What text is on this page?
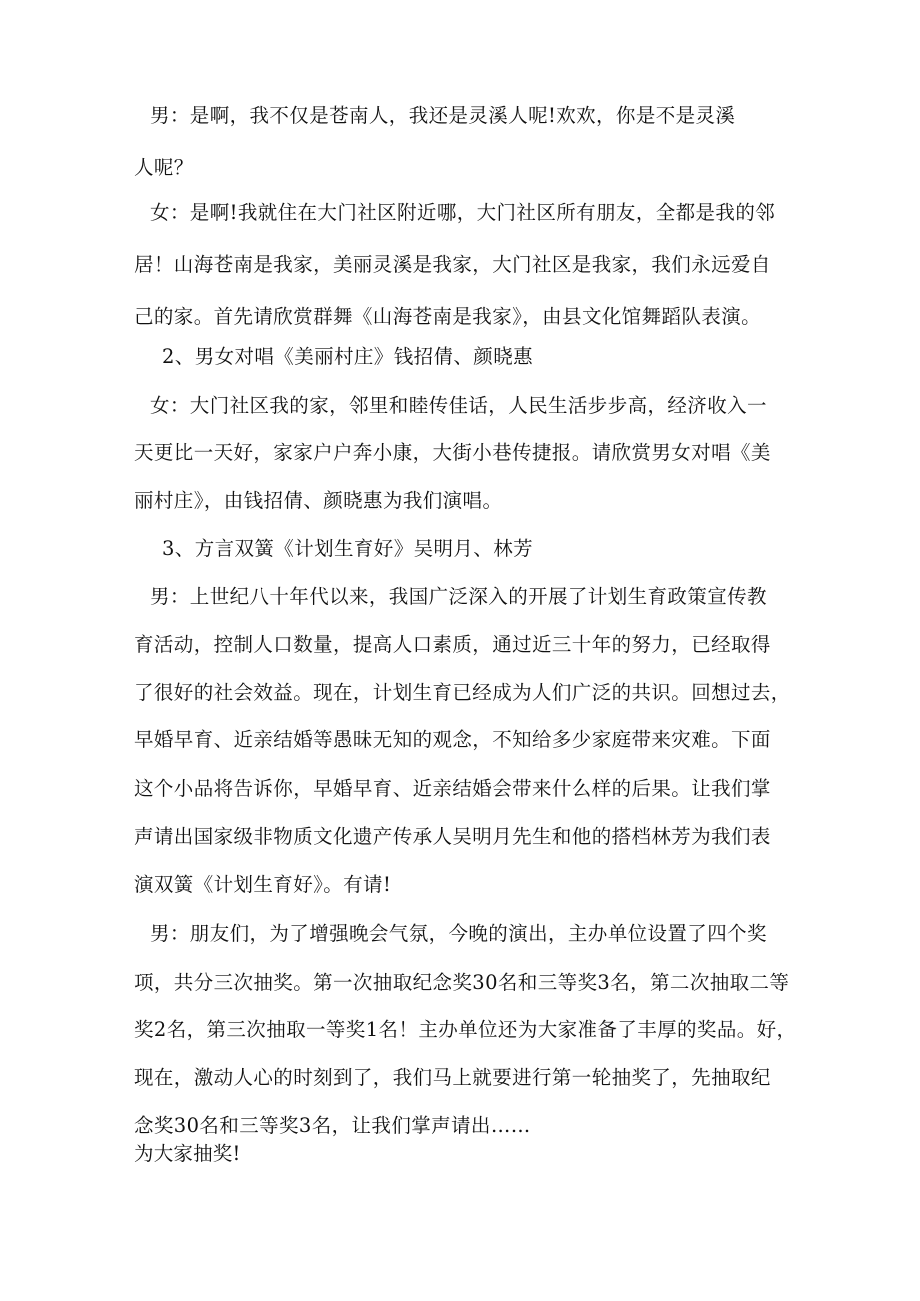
男：是啊，我不仅是苍南人，我还是灵溪人呢!欢欢，你是不是灵溪
人呢？
女：是啊!我就住在大门社区附近哪，大门社区所有朋友，全都是我的邻
居！山海苍南是我家，美丽灵溪是我家，大门社区是我家，我们永远爱自
己的家。首先请欣赏群舞《山海苍南是我家》，由县文化馆舞蹈队表演。
2、男女对唱《美丽村庄》钱招倩、颜晓惠
女：大门社区我的家，邻里和睦传佳话，人民生活步步高，经济收入一
天更比一天好，家家户户奔小康，大街小巷传捷报。请欣赏男女对唱《美
丽村庄》，由钱招倩、颜晓惠为我们演唱。
3、方言双簧《计划生育好》吴明月、林芳
男：上世纪八十年代以来，我国广泛深入的开展了计划生育政策宣传教
育活动，控制人口数量，提高人口素质，通过近三十年的努力，已经取得
了很好的社会效益。现在，计划生育已经成为人们广泛的共识。回想过去，
早婚早育、近亲结婚等愚昧无知的观念，不知给多少家庭带来灾难。下面
这个小品将告诉你，早婚早育、近亲结婚会带来什么样的后果。让我们掌
声请出国家级非物质文化遗产传承人吴明月先生和他的搭档林芳为我们表
演双簧《计划生育好》。有请!
男：朋友们，为了增强晚会气氛，今晚的演出，主办单位设置了四个奖
项，共分三次抽奖。第一次抽取纪念奖30名和三等奖3名，第二次抽取二等
奖2名，第三次抽取一等奖1名！主办单位还为大家准备了丰厚的奖品。好，
现在，激动人心的时刻到了，我们马上就要进行第一轮抽奖了，先抽取纪
念奖30名和三等奖3名，让我们掌声请出……
为大家抽奖!
